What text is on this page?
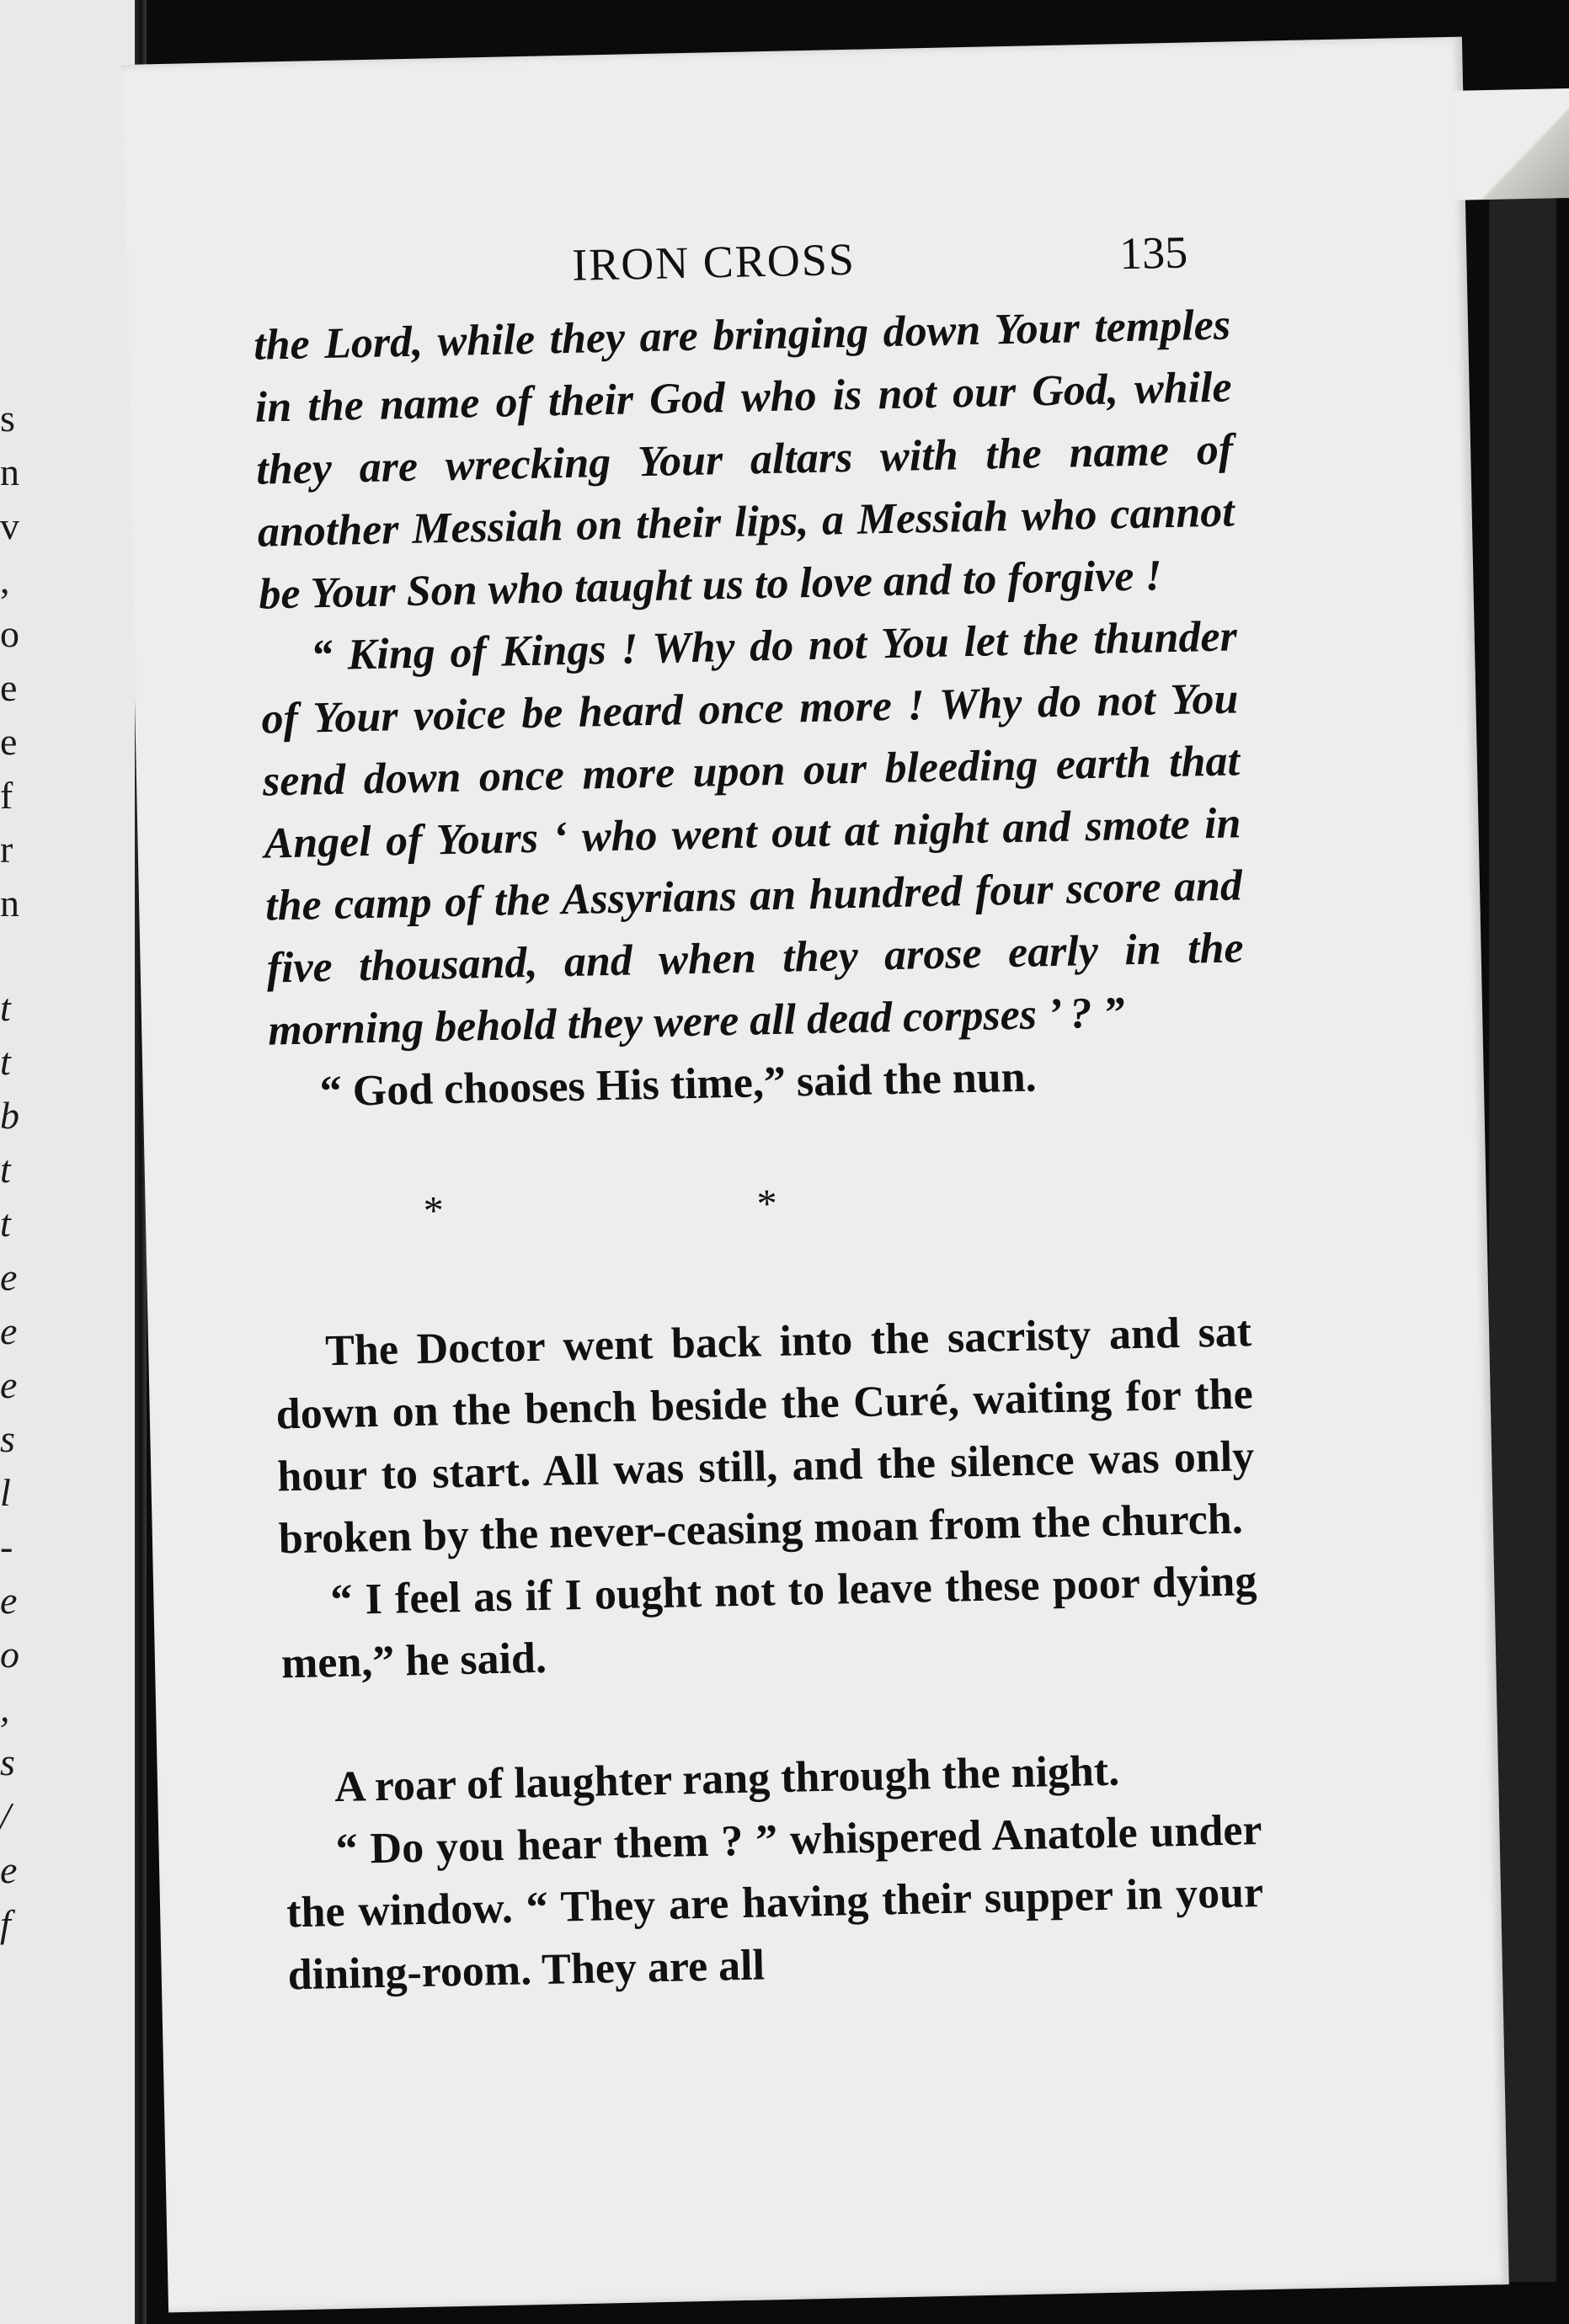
s
n
v
,
o
e
e
f
r
n
t
t
b
t
t
e
e
e
s
l
-
e
o
,
s
/
e
f
IRON CROSS	135

the Lord, while they are bringing down Your temples in the name of their God who is not our God, while they are wrecking Your altars with the name of another Messiah on their lips, a Messiah who cannot be Your Son who taught us to love and to forgive !

“ King of Kings ! Why do not You let the thunder of Your voice be heard once more ! Why do not You send down once more upon our bleeding earth that Angel of Yours ‘ who went out at night and smote in the camp of the Assyrians an hundred four score and five thousand, and when they arose early in the morning behold they were all dead corpses ’ ? ”

“ God chooses His time,” said the nun.

* *

The Doctor went back into the sacristy and sat down on the bench beside the Curé, waiting for the hour to start. All was still, and the silence was only broken by the never-ceasing moan from the church.

“ I feel as if I ought not to leave these poor dying men,” he said.

A roar of laughter rang through the night.

“ Do you hear them ? ” whispered Anatole under the window. “ They are having their supper in your dining-room. They are all
